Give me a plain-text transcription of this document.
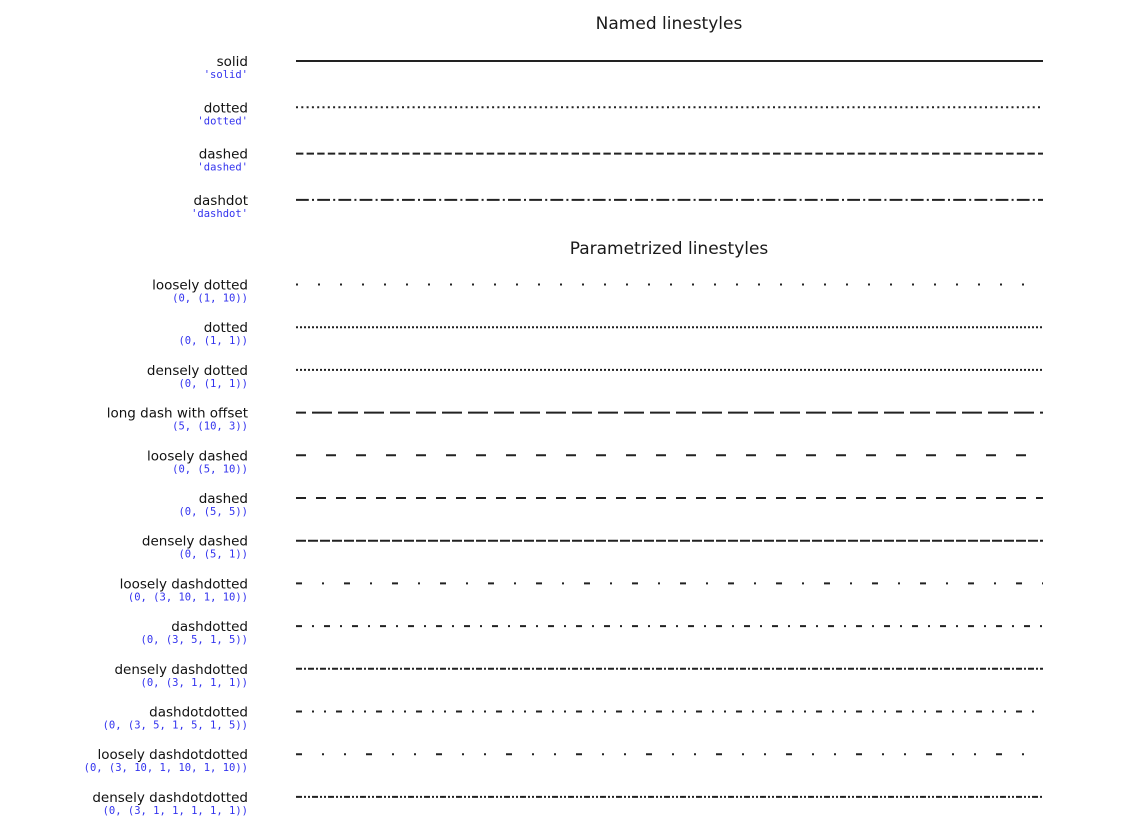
Named linestyles
solid
'solid'
dotted
'dotted'
dashed
'dashed'
dashdot
'dashdot'
Parametrized linestyles
loosely dotted
(0, (1, 10))
dotted
(0, (1, 1))
densely dotted
(0, (1, 1))
long dash with offset
(5, (10, 3))
loosely dashed
(0, (5, 10))
dashed
(0, (5, 5))
densely dashed
(0, (5, 1))
loosely dashdotted
(0, (3, 10, 1, 10))
dashdotted
(0, (3, 5, 1, 5))
densely dashdotted
(0, (3, 1, 1, 1))
dashdotdotted
(0, (3, 5, 1, 5, 1, 5))
loosely dashdotdotted
(0, (3, 10, 1, 10, 1, 10))
densely dashdotdotted
(0, (3, 1, 1, 1, 1, 1))
